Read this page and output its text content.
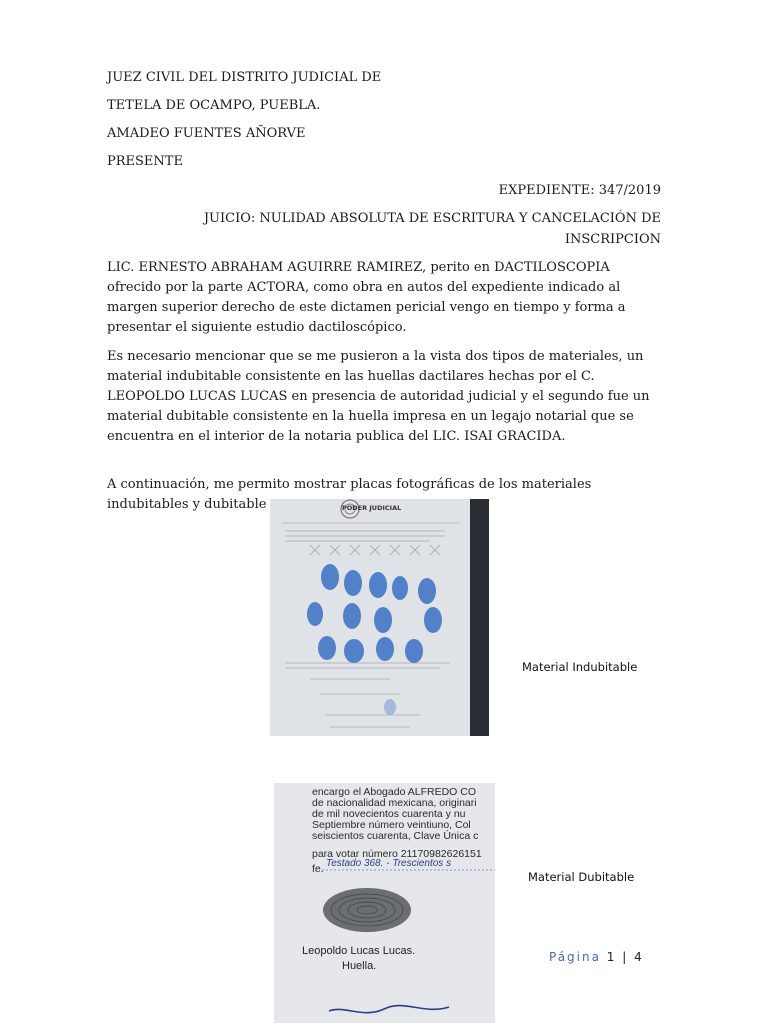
JUEZ CIVIL DEL DISTRITO JUDICIAL DE
TETELA DE OCAMPO, PUEBLA.
AMADEO FUENTES AÑORVE
PRESENTE
EXPEDIENTE: 347/2019
JUICIO: NULIDAD ABSOLUTA DE ESCRITURA Y CANCELACIÓN DE
INSCRIPCION
LIC. ERNESTO ABRAHAM AGUIRRE RAMIREZ, perito en DACTILOSCOPIA ofrecido por la parte ACTORA, como obra en autos del expediente indicado al margen superior derecho de este dictamen pericial vengo en tiempo y forma a presentar el siguiente estudio dactiloscópico.
Es necesario mencionar que se me pusieron a la vista dos tipos de materiales, un material indubitable consistente en las huellas dactilares hechas por el C. LEOPOLDO LUCAS LUCAS en presencia de autoridad judicial y el segundo fue un material dubitable consistente en la huella impresa en un legajo notarial que se encuentra en el interior de la notaria publica del LIC. ISAI GRACIDA.
A continuación, me permito mostrar placas fotográficas de los materiales
indubitables y dubitable	PODER JUDICIAL
Material Indubitable
encargo el Abogado ALFREDO CO
de nacionalidad mexicana, originari
de mil novecientos cuarenta y nu
Septiembre número veintiuno, Col
seiscientos cuarenta, Clave Única c
para votar número 21170982626151
fe. Testado 368. - Trescientos s
Leopoldo Lucas Lucas.
Huella.
Material Dubitable
Página 1 | 4
